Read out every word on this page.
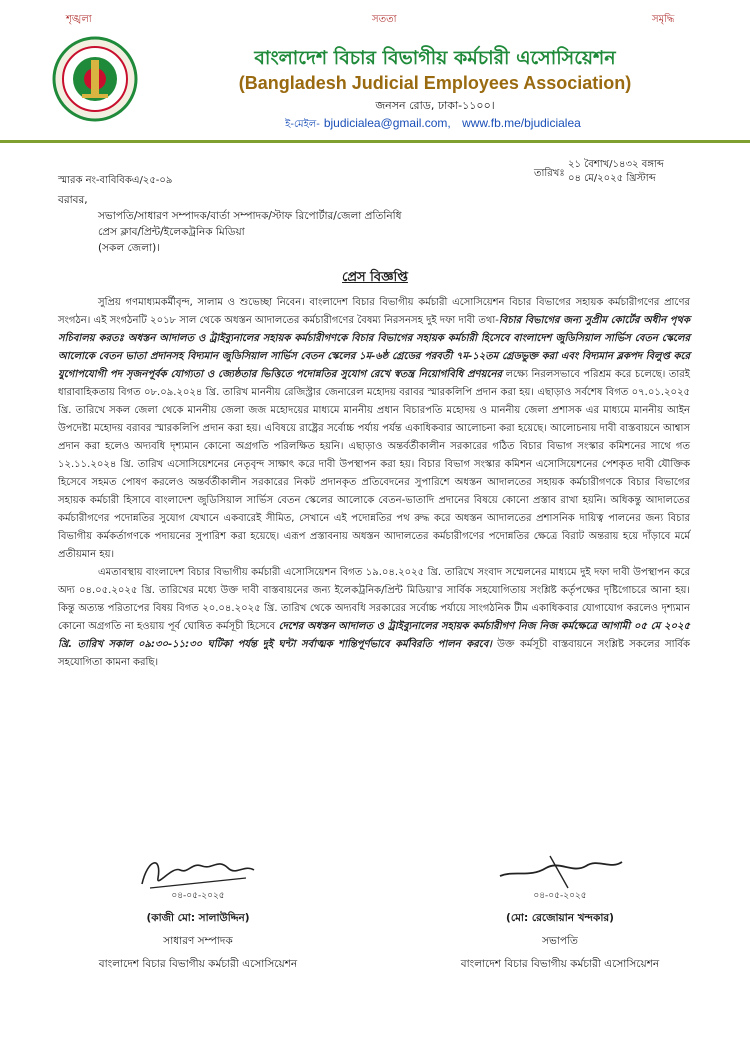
শৃঙ্খলা	সততা	সমৃদ্ধি
বাংলাদেশ বিচার বিভাগীয় কর্মচারী এসোসিয়েশন
(Bangladesh Judicial Employees Association)
জনসন রোড, ঢাকা-১১০০।
ই-মেইল- bjudicialea@gmail.com, www.fb.me/bjudicialea
স্মারক নং-বাবিবিকএ/২৫-০৯
তারিখঃ
২১ বৈশাখ/১৪৩২ বঙ্গাব্দ
০৪ মে/২০২৫ খ্রিস্টাব্দ
বরাবর,
সভাপতি/সাধারণ সম্পাদক/বার্তা সম্পাদক/স্টাফ রিপোর্টার/জেলা প্রতিনিধি
প্রেস ক্লাব/প্রিন্ট/ইলেকট্রনিক মিডিয়া
(সকল জেলা)।
প্রেস বিজ্ঞপ্তি

সুপ্রিয় গণমাধ্যমকর্মীবৃন্দ, সালাম ও শুভেচ্ছা নিবেন। বাংলাদেশ বিচার বিভাগীয় কর্মচারী এসোসিয়েশন বিচার বিভাগের সহায়ক কর্মচারীগণের প্রাণের সংগঠন। এই সংগঠনটি ২০১৮ সাল থেকে অধস্তন আদালতের কর্মচারীগণের বৈষম্য নিরসনসহ দুই দফা দাবী তথা-বিচার বিভাগের জন্য সুপ্রীম কোর্টের অধীন পৃথক সচিবালয় করতঃ অধস্তন আদালত ও ট্রাইব্যুনালের সহায়ক কর্মচারীগণকে বিচার বিভাগের সহায়ক কর্মচারী হিসেবে বাংলাদেশ জুডিসিয়াল সার্ভিস বেতন স্কেলের আলোকে বেতন ভাতা প্রদানসহ বিদ্যমান জুডিসিয়াল সার্ভিস বেতন স্কেলের ১ম-৬ষ্ঠ গ্রেডের পরবর্তী ৭ম-১২তম গ্রেডভুক্ত করা এবং বিদ্যমান ব্লকপদ বিলুপ্ত করে যুগোপযোগী পদ সৃজনপূর্বক যোগ্যতা ও জ্যেষ্ঠতার ভিত্তিতে পদোন্নতির সুযোগ রেখে স্বতন্ত্র নিয়োগবিধি প্রণয়নের লক্ষ্যে নিরলসভাবে পরিশ্রম করে চলেছে। তারই ধারাবাহিকতায় বিগত ০৮.০৯.২০২৪ খ্রি. তারিখ মাননীয় রেজিস্ট্রার জেনারেল মহোদয় বরাবর স্মারকলিপি প্রদান করা হয়। এছাড়াও সর্বশেষ বিগত ০৭.০১.২০২৫ খ্রি. তারিখে সকল জেলা থেকে মাননীয় জেলা জজ মহোদয়ের মাধ্যমে মাননীয় প্রধান বিচারপতি মহোদয় ও মাননীয় জেলা প্রশাসক এর মাধ্যমে মাননীয় আইন উপদেষ্টা মহোদয় বরাবর স্মারকলিপি প্রদান করা হয়। এবিষয়ে রাষ্ট্রের সর্বোচ্চ পর্যায় পর্যন্ত একাধিকবার আলোচনা করা হয়েছে। আলোচনায় দাবী বাস্তবায়নে আশ্বাস প্রদান করা হলেও অদ্যবধি দৃশ্যমান কোনো অগ্রগতি পরিলক্ষিত হয়নি। এছাড়াও অন্তর্বর্তীকালীন সরকারের গঠিত বিচার বিভাগ সংস্কার কমিশনের সাথে গত ১২.১১.২০২৪ খ্রি. তারিখ এসোসিয়েশনের নেতৃবৃন্দ সাক্ষাৎ করে দাবী উপস্থাপন করা হয়। বিচার বিভাগ সংস্কার কমিশন এসোসিয়েশনের পেশকৃত দাবী যৌক্তিক হিসেবে সহমত পোষণ করলেও অন্তর্বর্তীকালীন সরকারের নিকট প্রদানকৃত প্রতিবেদনের সুপারিশে অধস্তন আদালতের সহায়ক কর্মচারীগণকে বিচার বিভাগের সহায়ক কর্মচারী হিসাবে বাংলাদেশ জুডিসিয়াল সার্ভিস বেতন স্কেলের আলোকে বেতন-ভাতাদি প্রদানের বিষয়ে কোনো প্রস্তাব রাখা হয়নি। অধিকন্তু আদালতের কর্মচারীগণের পদোন্নতির সুযোগ যেখানে একবারেই সীমিত, সেখানে এই পদোন্নতির পথ রুদ্ধ করে অধস্তন আদালতের প্রশাসনিক দায়িত্ব পালনের জন্য বিচার বিভাগীয় কর্মকর্তাগণকে পদায়নের সুপারিশ করা হয়েছে। এরূপ প্রস্তাবনায় অধস্তন আদালতের কর্মচারীগণের পদোন্নতির ক্ষেত্রে বিরাট অন্তরায় হয়ে দাঁড়াবে মর্মে প্রতীয়মান হয়।

এমতাবস্থায় বাংলাদেশ বিচার বিভাগীয় কর্মচারী এসোসিয়েশন বিগত ১৯.০৪.২০২৫ খ্রি. তারিখে সংবাদ সম্মেলনের মাধ্যমে দুই দফা দাবী উপস্থাপন করে অদ্য ০৪.০৫.২০২৫ খ্রি. তারিখের মধ্যে উক্ত দাবী বাস্তবায়নের জন্য ইলেকট্রনিক/প্রিন্ট মিডিয়া'র সার্বিক সহযোগিতায় সংশ্লিষ্ট কর্তৃপক্ষের দৃষ্টিগোচরে আনা হয়। কিন্তু অত্যন্ত পরিতাপের বিষয় বিগত ২০.০৪.২০২৫ খ্রি. তারিখ থেকে অদ্যবধি সরকারের সর্বোচ্চ পর্যায়ে সাংগঠনিক টীম একাধিকবার যোগাযোগ করলেও দৃশ্যমান কোনো অগ্রগতি না হওয়ায় পূর্ব ঘোষিত কর্মসূচী হিসেবে দেশের অধস্তন আদালত ও ট্রাইব্যুনালের সহায়ক কর্মচারীগণ নিজ নিজ কর্মক্ষেত্রে আগামী ০৫ মে ২০২৫ খ্রি. তারিখ সকাল ০৯:৩০-১১:৩০ ঘটিকা পর্যন্ত দুই ঘন্টা সর্বাত্মক শান্তিপূর্ণভাবে কর্মবিরতি পালন করবে। উক্ত কর্মসূচী বাস্তবায়নে সংশ্লিষ্ট সকলের সার্বিক সহযোগিতা কামনা করছি।

০৪-০৫-২০২৫
(কাজী মো: সালাউদ্দিন)
সাধারণ সম্পাদক
বাংলাদেশ বিচার বিভাগীয় কর্মচারী এসোসিয়েশন
০৪-০৫-২০২৫
(মো: রেজোয়ান খন্দকার)
সভাপতি
বাংলাদেশ বিচার বিভাগীয় কর্মচারী এসোসিয়েশন
